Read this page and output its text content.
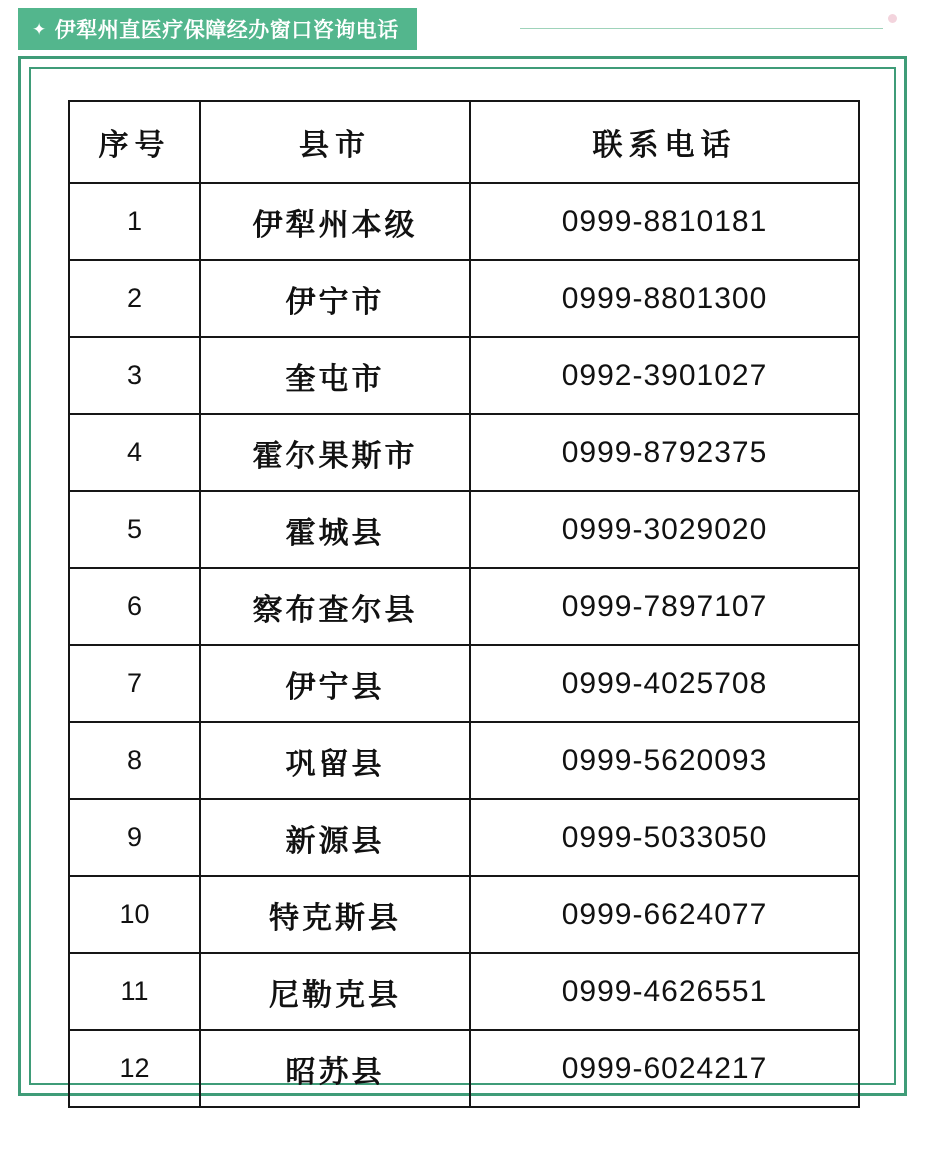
✦ 伊犁州直医疗保障经办窗口咨询电话
序号	县市	联系电话
1	伊犁州本级	0999-8810181
2	伊宁市	0999-8801300
3	奎屯市	0992-3901027
4	霍尔果斯市	0999-8792375
5	霍城县	0999-3029020
6	察布查尔县	0999-7897107
7	伊宁县	0999-4025708
8	巩留县	0999-5620093
9	新源县	0999-5033050
10	特克斯县	0999-6624077
11	尼勒克县	0999-4626551
12	昭苏县	0999-6024217
